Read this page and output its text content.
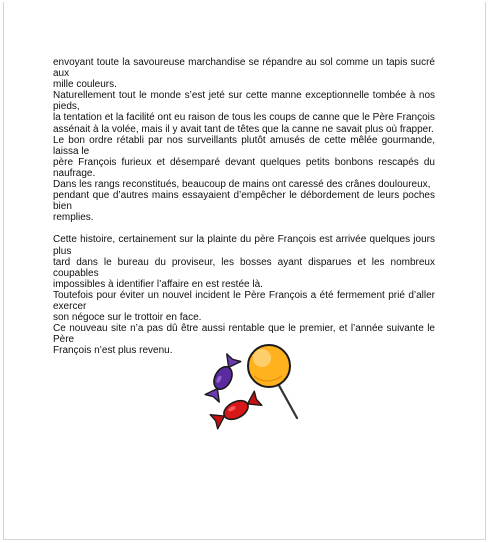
envoyant toute la savoureuse marchandise se répandre au sol comme un tapis sucré aux

mille couleurs.

Naturellement tout le monde s’est jeté sur cette manne exceptionnelle tombée à nos pieds,

la tentation et la facilité ont eu raison de tous les coups de canne que le Père François

assénait à la volée, mais il y avait tant de têtes que la canne ne savait plus où frapper.

Le bon ordre rétabli par nos surveillants plutôt amusés de cette mêlée gourmande, laissa le

père François furieux et désemparé devant quelques petits bonbons rescapés du naufrage.

Dans les rangs reconstitués, beaucoup de mains ont caressé des crânes douloureux,

pendant que d’autres mains essayaient d’empêcher le débordement de leurs poches bien

remplies.

Cette histoire, certainement sur la plainte du père François est arrivée quelques jours plus

tard dans le bureau du proviseur, les bosses ayant disparues et les nombreux coupables

impossibles à identifier l’affaire en est restée là.

Toutefois pour éviter un nouvel incident le Père François a été fermement prié d’aller exercer

son négoce sur le trottoir en face.

Ce nouveau site n’a pas dû être aussi rentable que le premier, et l’année suivante le Père

François n’est plus revenu.
